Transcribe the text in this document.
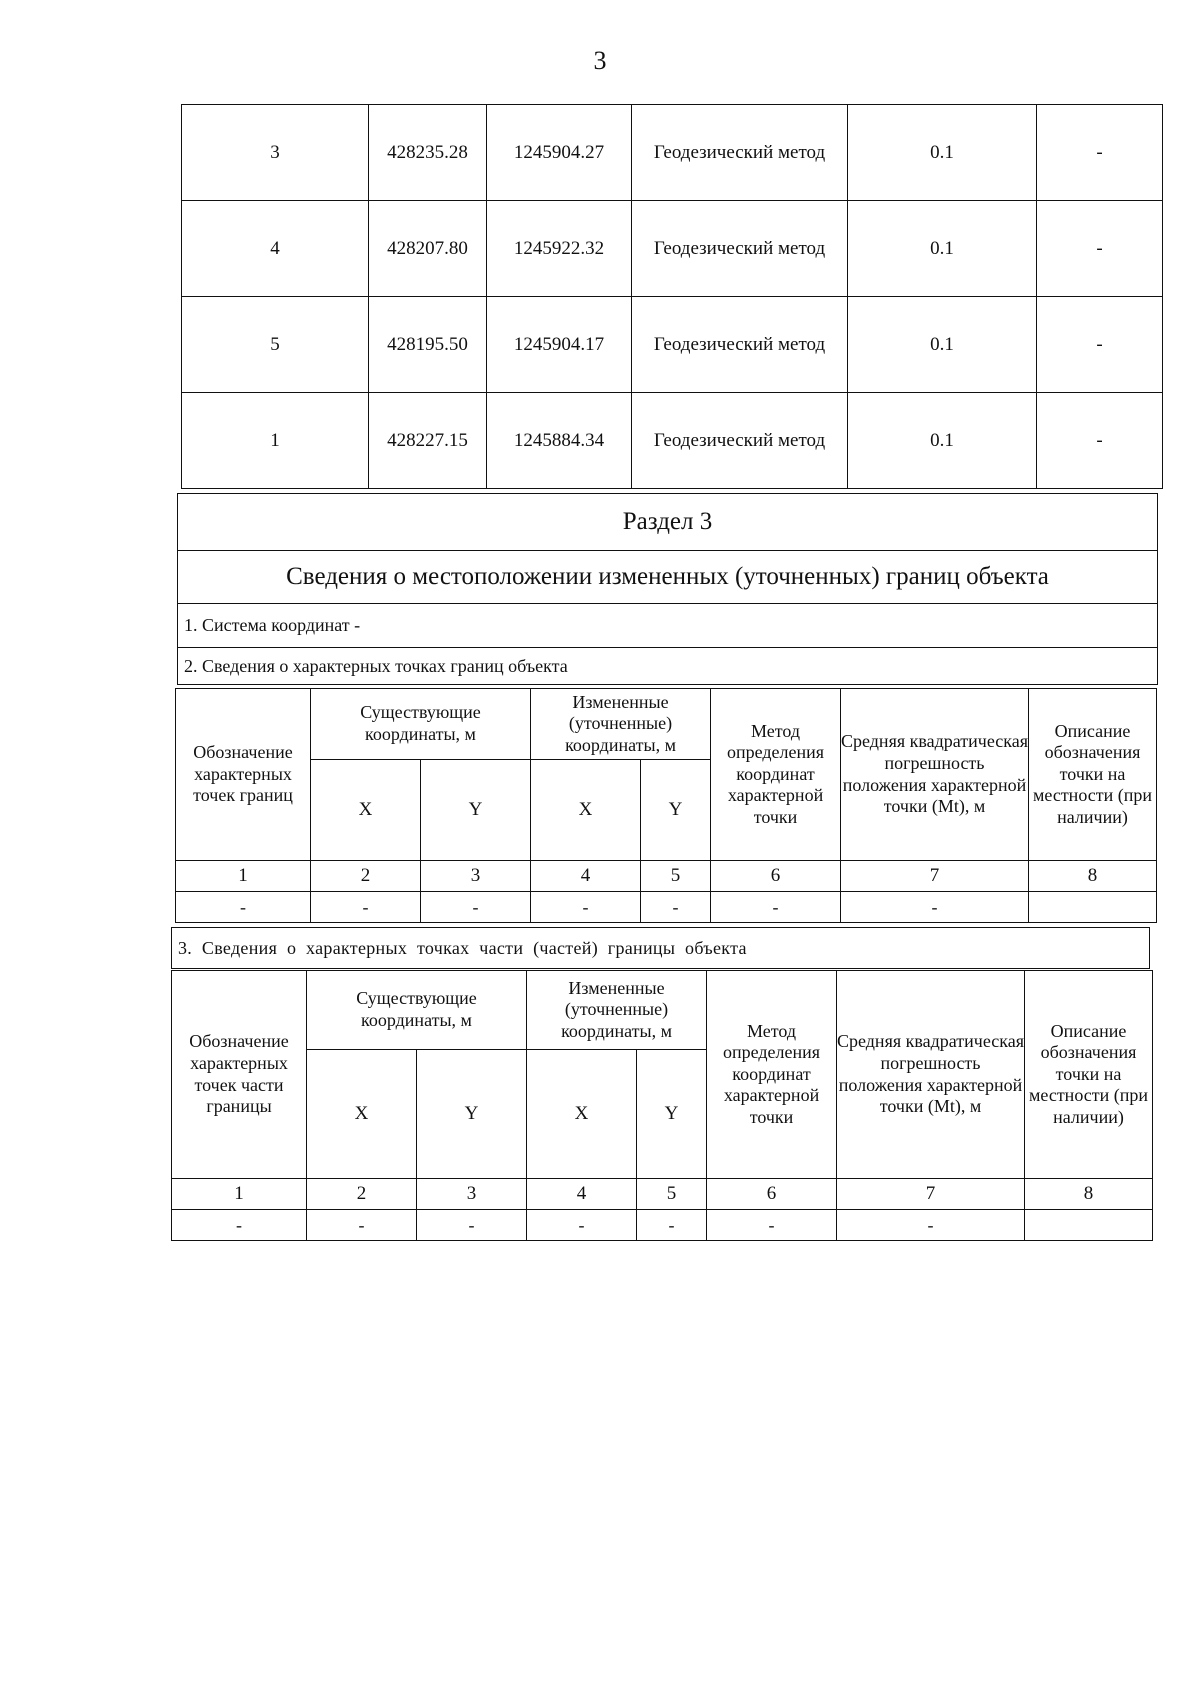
3
3	428235.28	1245904.27	Геодезический метод	0.1	-
4	428207.80	1245922.32	Геодезический метод	0.1	-
5	428195.50	1245904.17	Геодезический метод	0.1	-
1	428227.15	1245884.34	Геодезический метод	0.1	-
Раздел 3
Сведения о местоположении измененных (уточненных) границ объекта
1. Система координат -
2. Сведения о характерных точках границ объекта
Обозначение характерных точек границ	Существующие координаты, м		Измененные (уточненные) координаты, м		Метод определения координат характерной точки	Средняя квадратическая погрешность положения характерной точки (Mt), м	Описание обозначения точки на местности (при наличии)
	X	Y	X	Y			
1	2	3	4	5	6	7	8
-	-	-	-	-	-	-	
3. Сведения о характерных точках части (частей) границы объекта
Обозначение характерных точек части границы	Существующие координаты, м		Измененные (уточненные) координаты, м		Метод определения координат характерной точки	Средняя квадратическая погрешность положения характерной точки (Mt), м	Описание обозначения точки на местности (при наличии)
	X	Y	X	Y			
1	2	3	4	5	6	7	8
-	-	-	-	-	-	-	
